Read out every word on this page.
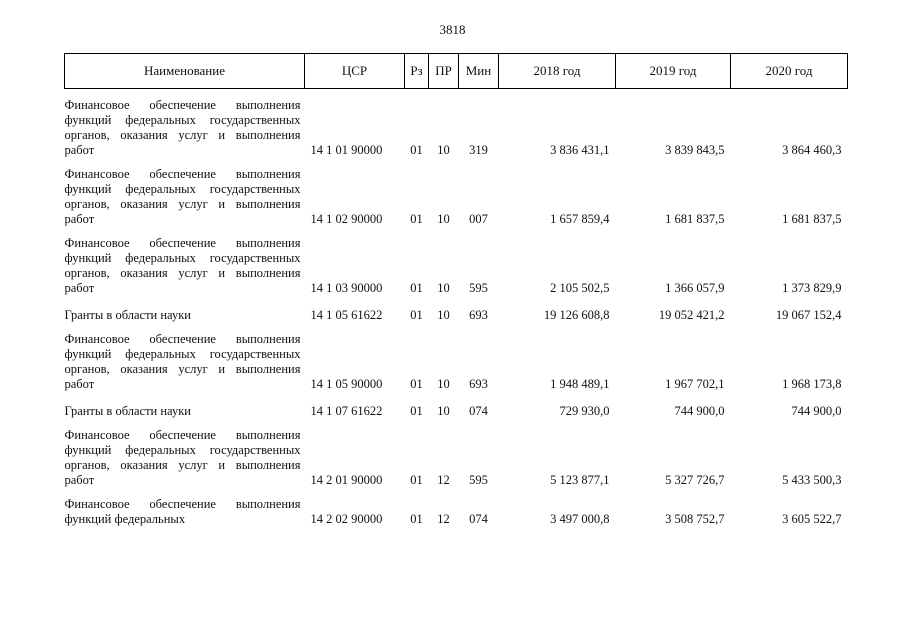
3818
Наименование	ЦСР	Рз	ПР	Мин	2018 год	2019 год	2020 год

Финансовое обеспечение выполнения функций федеральных государственных органов, оказания услуг и выполнения работ	14 1 01 90000	01	10	319	3 836 431,1	3 839 843,5	3 864 460,3

Финансовое обеспечение выполнения функций федеральных государственных органов, оказания услуг и выполнения работ	14 1 02 90000	01	10	007	1 657 859,4	1 681 837,5	1 681 837,5

Финансовое обеспечение выполнения функций федеральных государственных органов, оказания услуг и выполнения работ	14 1 03 90000	01	10	595	2 105 502,5	1 366 057,9	1 373 829,9

Гранты в области науки	14 1 05 61622	01	10	693	19 126 608,8	19 052 421,2	19 067 152,4

Финансовое обеспечение выполнения функций федеральных государственных органов, оказания услуг и выполнения работ	14 1 05 90000	01	10	693	1 948 489,1	1 967 702,1	1 968 173,8

Гранты в области науки	14 1 07 61622	01	10	074	729 930,0	744 900,0	744 900,0

Финансовое обеспечение выполнения функций федеральных государственных органов, оказания услуг и выполнения работ	14 2 01 90000	01	12	595	5 123 877,1	5 327 726,7	5 433 500,3

Финансовое обеспечение выполнения функций федеральных	14 2 02 90000	01	12	074	3 497 000,8	3 508 752,7	3 605 522,7
